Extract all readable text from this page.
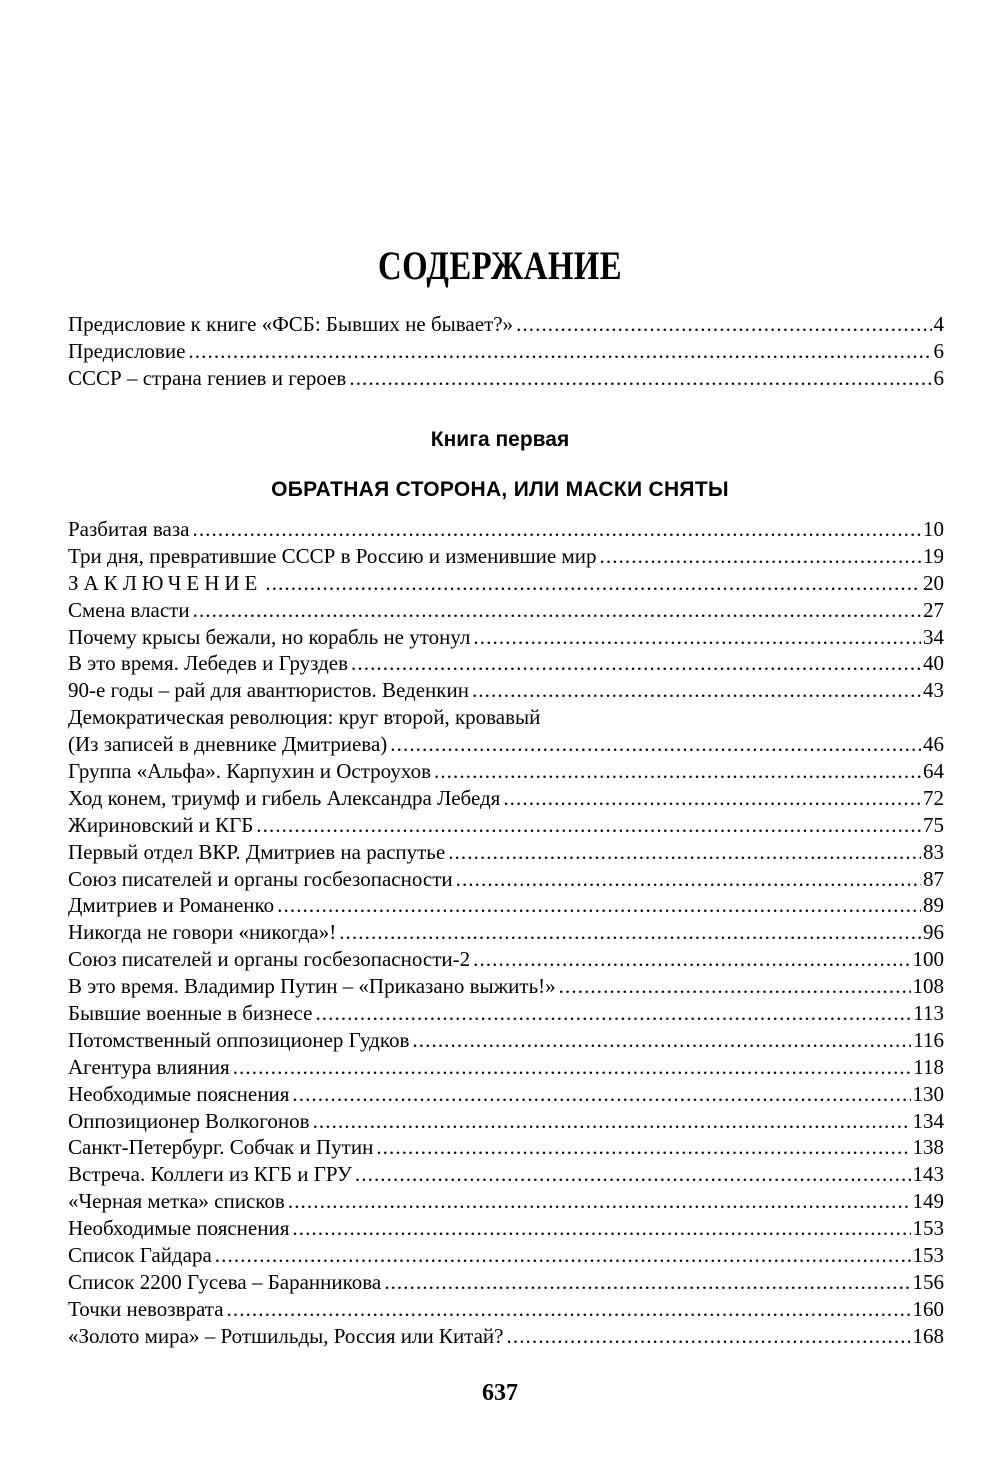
СОДЕРЖАНИЕ
Предисловие к книге «ФСБ: Бывших не бывает?» .....	4
Предисловие .....	6
СССР – страна гениев и героев .....	6
Книга первая
ОБРАТНАЯ СТОРОНА, ИЛИ МАСКИ СНЯТЫ
Разбитая ваза .....	10
Три дня, превратившие СССР в Россию и изменившие мир .....	19
ЗАКЛЮЧЕНИЕ .....	20
Смена власти .....	27
Почему крысы бежали, но корабль не утонул .....	34
В это время. Лебедев и Груздев .....	40
90-е годы – рай для авантюристов. Веденкин .....	43
Демократическая революция: круг второй, кровавый
(Из записей в дневнике Дмитриева) .....	46
Группа «Альфа». Карпухин и Остроухов .....	64
Ход конем, триумф и гибель Александра Лебедя .....	72
Жириновский и КГБ .....	75
Первый отдел ВКР. Дмитриев на распутье .....	83
Союз писателей и органы госбезопасности .....	87
Дмитриев и Романенко .....	89
Никогда не говори «никогда»! .....	96
Союз писателей и органы госбезопасности-2 .....	100
В это время. Владимир Путин – «Приказано выжить!» .....	108
Бывшие военные в бизнесе .....	113
Потомственный оппозиционер Гудков .....	116
Агентура влияния .....	118
Необходимые пояснения .....	130
Оппозиционер Волкогонов .....	134
Санкт-Петербург. Собчак и Путин .....	138
Встреча. Коллеги из КГБ и ГРУ .....	143
«Черная метка» списков .....	149
Необходимые пояснения .....	153
Список Гайдара .....	153
Список 2200 Гусева – Баранникова .....	156
Точки невозврата .....	160
«Золото мира» – Ротшильды, Россия или Китай? .....	168
637
